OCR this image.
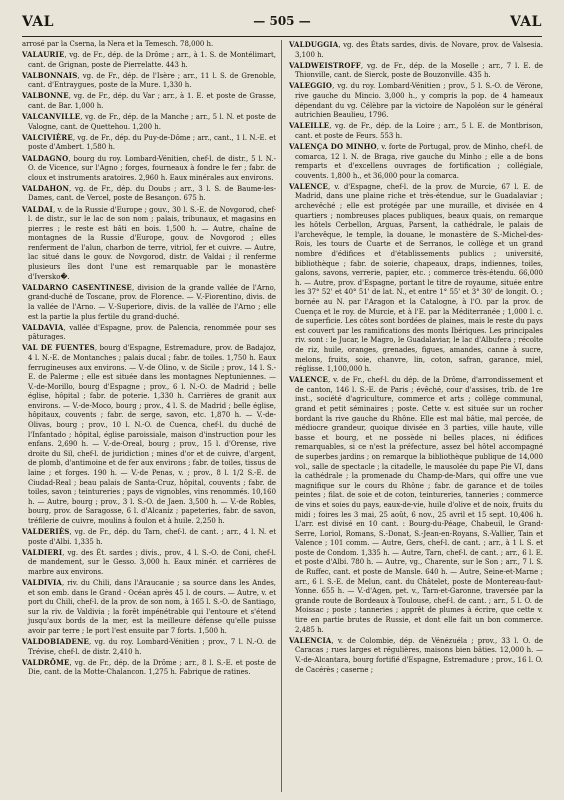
VAL	— 505 —	VAL
arrosé par la Cserna, la Nera et la Temesch. 78,000 h.
VALAURIE, vg. de Fr., dép. de la Drôme ; arr., à 1. S. de Montélimart, cant. de Grignan, poste de Pierrelatte. 443 h.
VALBONNAIS, vg. de Fr., dép. de l'Isère ; arr., 11 l. S. de Grenoble, cant. d'Entraygues, poste de la Mure. 1,330 h.
VALBONNE, vg. de Fr., dép. du Var ; arr., à 1. E. et poste de Grasse, cant. de Bar. 1,000 h.
VALCANVILLE, vg. de Fr., dép. de la Manche ; arr., 5 l. N. et poste de Valogne, cant. de Quettehou. 1,200 h.
VALCIVIÈRE, vg. de Fr., dép. du Puy-de-Dôme ; arr., cant., 1 l. N.-E. et poste d'Ambert. 1,580 h.
VALDAGNO, bourg du roy. Lombard-Vénitien, chef-l. de distr., 5 l. N.-O. de Vicence, sur l'Agno ; forges, fourneaux à fondre le fer ; fabr. de cloux et instruments aratoires. 2,960 h. Eaux minérales aux environs.
VALDAHON, vg. de Fr., dép. du Doubs ; arr., 3 l. S. de Baume-les-Dames, cant. de Vercel, poste de Besançon. 675 h.
VALDAI, v. de la Russie d'Europe ; gouv., 30 l. S.-E. de Novgorod, chef-l. de distr., sur le lac de son nom ; palais, tribunaux, et magasins en pierres ; le reste est bâti en bois. 1,500 h. — Autre, chaîne de montagnes de la Russie d'Europe, gouv. de Novgorod ; elles renferment de l'alun, charbon de terre, vitriol, fer et cuivre. — Autre, lac situé dans le gouv. de Novgorod, distr. de Valdai ; il renferme plusieurs îles dont l'une est remarquable par le monastère d'Iversko�.
VALDARNO CASENTINESE, division de la grande vallée de l'Arno, grand-duché de Toscane, prov. de Florence. — V.-Fiorentino, divis. de la vallée de l'Arno. — V.-Superiore, divis. de la vallée de l'Arno ; elle est la partie la plus fertile du grand-duché.
VALDAVIA, vallée d'Espagne, prov. de Palencia, renommée pour ses pâturages.
VAL DE FUENTES, bourg d'Espagne, Estremadure, prov. de Badajoz, 4 l. N.-E. de Montanches ; palais ducal ; fabr. de toiles. 1,750 h. Eaux ferrugineuses aux environs. — V.-de Olino, v. de Sicile ; prov., 14 l. S.-E. de Palerme ; elle est située dans les montagnes Neptuniennes. — V.-de-Morillo, bourg d'Espagne ; prov., 6 l. N.-O. de Madrid ; belle église, hôpital ; fabr. de poterie. 1,330 h. Carrières de granit aux environs. — V.-de-Moco, bourg ; prov., 4 l. S. de Madrid ; belle église, hôpitaux, couvents ; fabr. de serge, savon, etc. 1,870 h. — V.-de-Olivas, bourg ; prov., 10 l. N.-O. de Cuenca, chef-l. du duché de l'Infantado ; hôpital, église paroissiale, maison d'instruction pour les enfans. 2,690 h. — V.-de-Oreal, bourg ; prov., 15 l. d'Orense, rive droite du Sil, chef-l. de juridiction ; mines d'or et de cuivre, d'argent, de plomb, d'antimoine et de fer aux environs ; fabr. de toiles, tissus de laine ; et forges. 190 h. — V.-de Penas, v. ; prov., 8 l. 1/2 S.-E. de Ciudad-Real ; beau palais de Santa-Cruz, hôpital, couvents ; fabr. de toiles, savon ; teintureries ; pays de vignobles, vins renommés. 10,160 h. — Autre, bourg ; prov., 3 l. S.-O. de Jaen. 3,500 h. — V.-de Robles, bourg, prov. de Saragosse, 6 l. d'Alcaniz ; papeteries, fabr. de savon, tréfilerie de cuivre, moulins à foulon et à huile. 2,250 h.
VALDERIÈS, vg. de Fr., dép. du Tarn, chef-l. de cant. ; arr., 4 l. N. et poste d'Albi. 1,335 h.
VALDIERI, vg. des Ét. sardes ; divis., prov., 4 l. S.-O. de Coni, chef-l. de mandement, sur le Gesso. 3,000 h. Eaux minér. et carrières de marbre aux environs.
VALDIVIA, riv. du Chili, dans l'Araucanie ; sa source dans les Andes, et son emb. dans le Grand - Océan après 45 l. de cours. — Autre, v. et port du Chili, chef-l. de la prov. de son nom, à 165 l. S.-O. de Santiago, sur la riv. de Valdivia ; la forêt impénétrable qui l'entoure et s'étend jusqu'aux bords de la mer, est la meilleure défense qu'elle puisse avoir par terre ; le port l'est ensuite par 7 forts. 1,500 h.
VALDOBIADENE, vg. du roy. Lombard-Vénitien ; prov., 7 l. N.-O. de Trévise, chef-l. de distr. 2,410 h.
VALDRÔME, vg. de Fr., dép. de la Drôme ; arr., 8 l. S.-E. et poste de Die, cant. de la Motte-Chalancon. 1,275 h. Fabrique de ratines.
VALDUGGIA, vg. des États sardes, divis. de Novare, prov. de Valsesia. 3,100 h.
VALDWEISTROFF, vg. de Fr., dép. de la Moselle ; arr., 7 l. E. de Thionville, cant. de Sierck, poste de Bouzonville. 435 h.
VALEGGIO, vg. du roy. Lombard-Vénitien ; prov., 5 l. S.-O. de Vérone, rive gauche du Mincio. 3,000 h., y compris la pop. de 4 hameaux dépendant du vg. Célèbre par la victoire de Napoléon sur le général autrichien Beaulieu, 1796.
VALEILLE, vg. de Fr., dép. de la Loire ; arr., 5 l. E. de Montbrison, cant. et poste de Feurs. 553 h.
VALENÇA DO MINHO, v. forte de Portugal, prov. de Minho, chef-l. de comarca, 12 l. N. de Braga, rive gauche du Minho ; elle a de bons remparts et d'excellens ouvrages de fortification ; collégiale, couvents. 1,800 h., et 36,000 pour la comarca.
VALENCE, v. d'Espagne, chef-l. de la prov. de Murcie, 67 l. E. de Madrid, dans une plaine riche et très-étendue, sur le Guadalaviar ; archevêché ; elle est protégée par une muraille, et divisée en 4 quartiers ; nombreuses places publiques, beaux quais, on remarque les hôtels Cerbellon, Arguas, Parsent, la cathédrale, le palais de l'archevêque, le temple, la douane, le monastère de S.-Michel-des-Rois, les tours de Cuarte et de Serranos, le collège et un grand nombre d'édifices et d'établissements publics ; université, bibliothèque ; fabr. de soierie, chapeaux, draps, indiennes, toiles, galons, savons, verrerie, papier, etc. ; commerce très-étendu. 66,000 h. — Autre, prov. d'Espagne, portant le titre de royaume, située entre les 37° 52' et 40° 51' de lat. N., et entre 1° 55' et 3° 30' de longit. O. ; bornée au N. par l'Aragon et la Catalogne, à l'O. par la prov. de Cuença et le roy. de Murcie, et à l'E. par la Méditerranée ; 1,000 l. c. de superficie. Les côtes sont bordées de plaines, mais le reste du pays est couvert par les ramifications des monts Ibériques. Les principales riv. sont : le Jucar, le Magro, le Guadalaviar, le lac d'Albufera ; récolte de riz, huile, oranges, grenades, figues, amandes, canne à sucre, melons, fruits, soie, chanvre, lin, coton, safran, garance, miel, réglisse. 1,100,000 h.
VALENCE, v. de Fr., chef-l. du dép. de la Drôme, d'arrondissement et de canton, 146 l. S.-E. de Paris ; évêché, cour d'assises, trib. de 1re inst., société d'agriculture, commerce et arts ; collège communal, grand et petit séminaires ; poste. Cette v. est située sur un rocher bordant la rive gauche du Rhône. Elle est mal bâtie, mal percée, de médiocre grandeur, quoique divisée en 3 parties, ville haute, ville basse et bourg, et ne possède ni belles places, ni édifices remarquables, si ce n'est la préfecture, assez bel hôtel accompagné de superbes jardins ; on remarque la bibliothèque publique de 14,000 vol., salle de spectacle ; la citadelle, le mausolée du pape Pie VI, dans la cathédrale ; la promenade du Champ-de-Mars, qui offre une vue magnifique sur le cours du Rhône ; fabr. de garance et de toiles peintes ; filat. de soie et de coton, teintureries, tanneries ; commerce de vins et soies du pays, eaux-de-vie, huile d'olive et de noix, fruits du midi ; foires les 3 mai, 25 août, 6 nov., 25 avril et 15 sept. 10,406 h. L'arr. est divisé en 10 cant. : Bourg-du-Péage, Chabeuil, le Grand-Serre, Loriol, Romans, S.-Donat, S.-Jean-en-Royans, S.-Vallier, Tain et Valence ; 101 comm. — Autre, Gers, chef-l. de cant. ; arr., à 1 l. S. et poste de Condom. 1,335 h. — Autre, Tarn, chef-l. de cant. ; arr., 6 l. E. et poste d'Albi. 780 h. — Autre, vg., Charente, sur le Son ; arr., 7 l. S. de Ruffec, cant. et poste de Mansle. 640 h. — Autre, Seine-et-Marne ; arr., 6 l. S.-E. de Melun, cant. du Châtelet, poste de Montereau-faut-Yonne. 655 h. — V.-d'Agen, pet. v., Tarn-et-Garonne, traversée par la grande route de Bordeaux à Toulouse, chef-l. de cant. ; arr., 5 l. O. de Moissac ; poste ; tanneries ; apprêt de plumes à écrire, que cette v. tire en partie brutes de Russie, et dont elle fait un bon commerce. 2,485 h.
VALENCIA, v. de Colombie, dép. de Vénézuéla ; prov., 33 l. O. de Caracas ; rues larges et régulières, maisons bien bâties. 12,000 h. — V.-de-Alcantara, bourg fortifié d'Espagne, Estremadure ; prov., 16 l. O. de Cacérès ; caserne ;
